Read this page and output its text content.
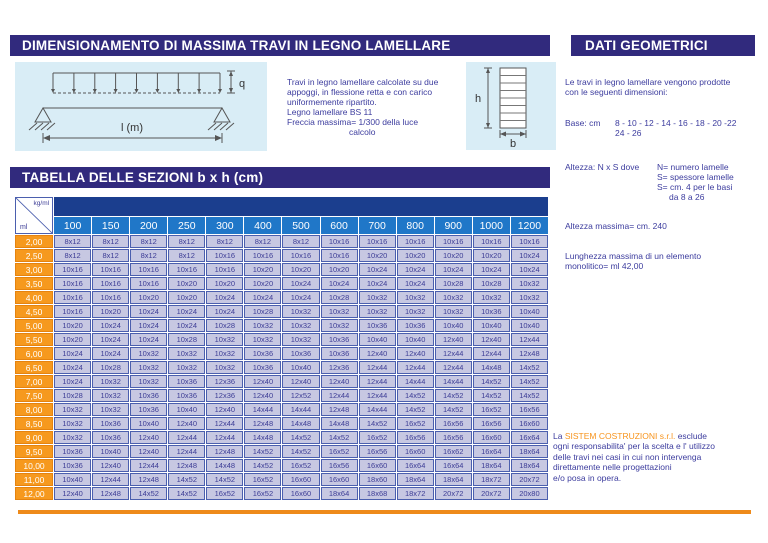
DIMENSIONAMENTO DI MASSIMA TRAVI IN LEGNO LAMELLARE	DATI GEOMETRICI
q
l (m)
Travi in legno lamellare calcolate su due
appoggi, in flessione retta e con carico
uniformemente ripartito.
Legno lamellare BS 11
Freccia massima= 1/300 della luce
calcolo
h
b
Le travi in legno lamellare vengono prodotte
con le seguenti dimensioni:
Base: cm	8 - 10 - 12 - 14 - 16 - 18 - 20 -22
24 - 26
Altezza: N x S dove	N= numero lamelle
S= spessore lamelle
S= cm. 4 per le basi
da 8 a 26
Altezza massima= cm. 240
Lunghezza massima di un elemento
monolitico= ml 42,00
TABELLA DELLE SEZIONI b x h (cm)
kg/ml
ml													

	100	150	200	250	300	400	500	600	700	800	900	1000	1200
2,00	8x12	8x12	8x12	8x12	8x12	8x12	8x12	10x16	10x16	10x16	10x16	10x16	10x16
2,50	8x12	8x12	8x12	8x12	10x16	10x16	10x16	10x16	10x20	10x20	10x20	10x20	10x24
3,00	10x16	10x16	10x16	10x16	10x16	10x20	10x20	10x20	10x24	10x24	10x24	10x24	10x24
3,50	10x16	10x16	10x16	10x20	10x20	10x20	10x24	10x24	10x24	10x24	10x28	10x28	10x32
4,00	10x16	10x16	10x20	10x20	10x24	10x24	10x24	10x28	10x32	10x32	10x32	10x32	10x32
4,50	10x16	10x20	10x24	10x24	10x24	10x28	10x32	10x32	10x32	10x32	10x32	10x36	10x40
5,00	10x20	10x24	10x24	10x24	10x28	10x32	10x32	10x32	10x36	10x36	10x40	10x40	10x40
5,50	10x20	10x24	10x24	10x28	10x32	10x32	10x32	10x36	10x40	10x40	12x40	12x40	12x44
6,00	10x24	10x24	10x32	10x32	10x32	10x36	10x36	10x36	12x40	12x40	12x44	12x44	12x48
6,50	10x24	10x28	10x32	10x32	10x32	10x36	10x40	12x36	12x44	12x44	12x44	14x48	14x52
7,00	10x24	10x32	10x32	10x36	12x36	12x40	12x40	12x40	12x44	14x44	14x44	14x52	14x52
7,50	10x28	10x32	10x36	10x36	12x36	12x40	12x52	12x44	12x44	14x52	14x52	14x52	14x52
8,00	10x32	10x32	10x36	10x40	12x40	14x44	14x44	12x48	14x44	14x52	14x52	16x52	16x56
8,50	10x32	10x36	10x40	12x40	12x44	12x48	14x48	14x48	14x52	16x52	16x56	16x56	16x60
9,00	10x32	10x36	12x40	12x44	12x44	14x48	14x52	14x52	16x52	16x56	16x56	16x60	16x64
9,50	10x36	10x40	12x40	12x44	12x48	14x52	14x52	16x52	16x56	16x60	16x62	16x64	18x64
10,00	10x36	12x40	12x44	12x48	14x48	14x52	16x52	16x56	16x60	16x64	16x64	18x64	18x64
11,00	10x40	12x44	12x48	14x52	14x52	16x52	16x60	16x60	18x60	18x64	18x64	18x72	20x72
12,00	12x40	12x48	14x52	14x52	16x52	16x52	16x60	18x64	18x68	18x72	20x72	20x72	20x80
La SISTEM COSTRUZIONI s.r.l. esclude
ogni responsabilita' per la scelta e l' utilizzo
delle travi nei casi in cui non intervenga
direttamente nelle progettazioni
e/o posa in opera.
